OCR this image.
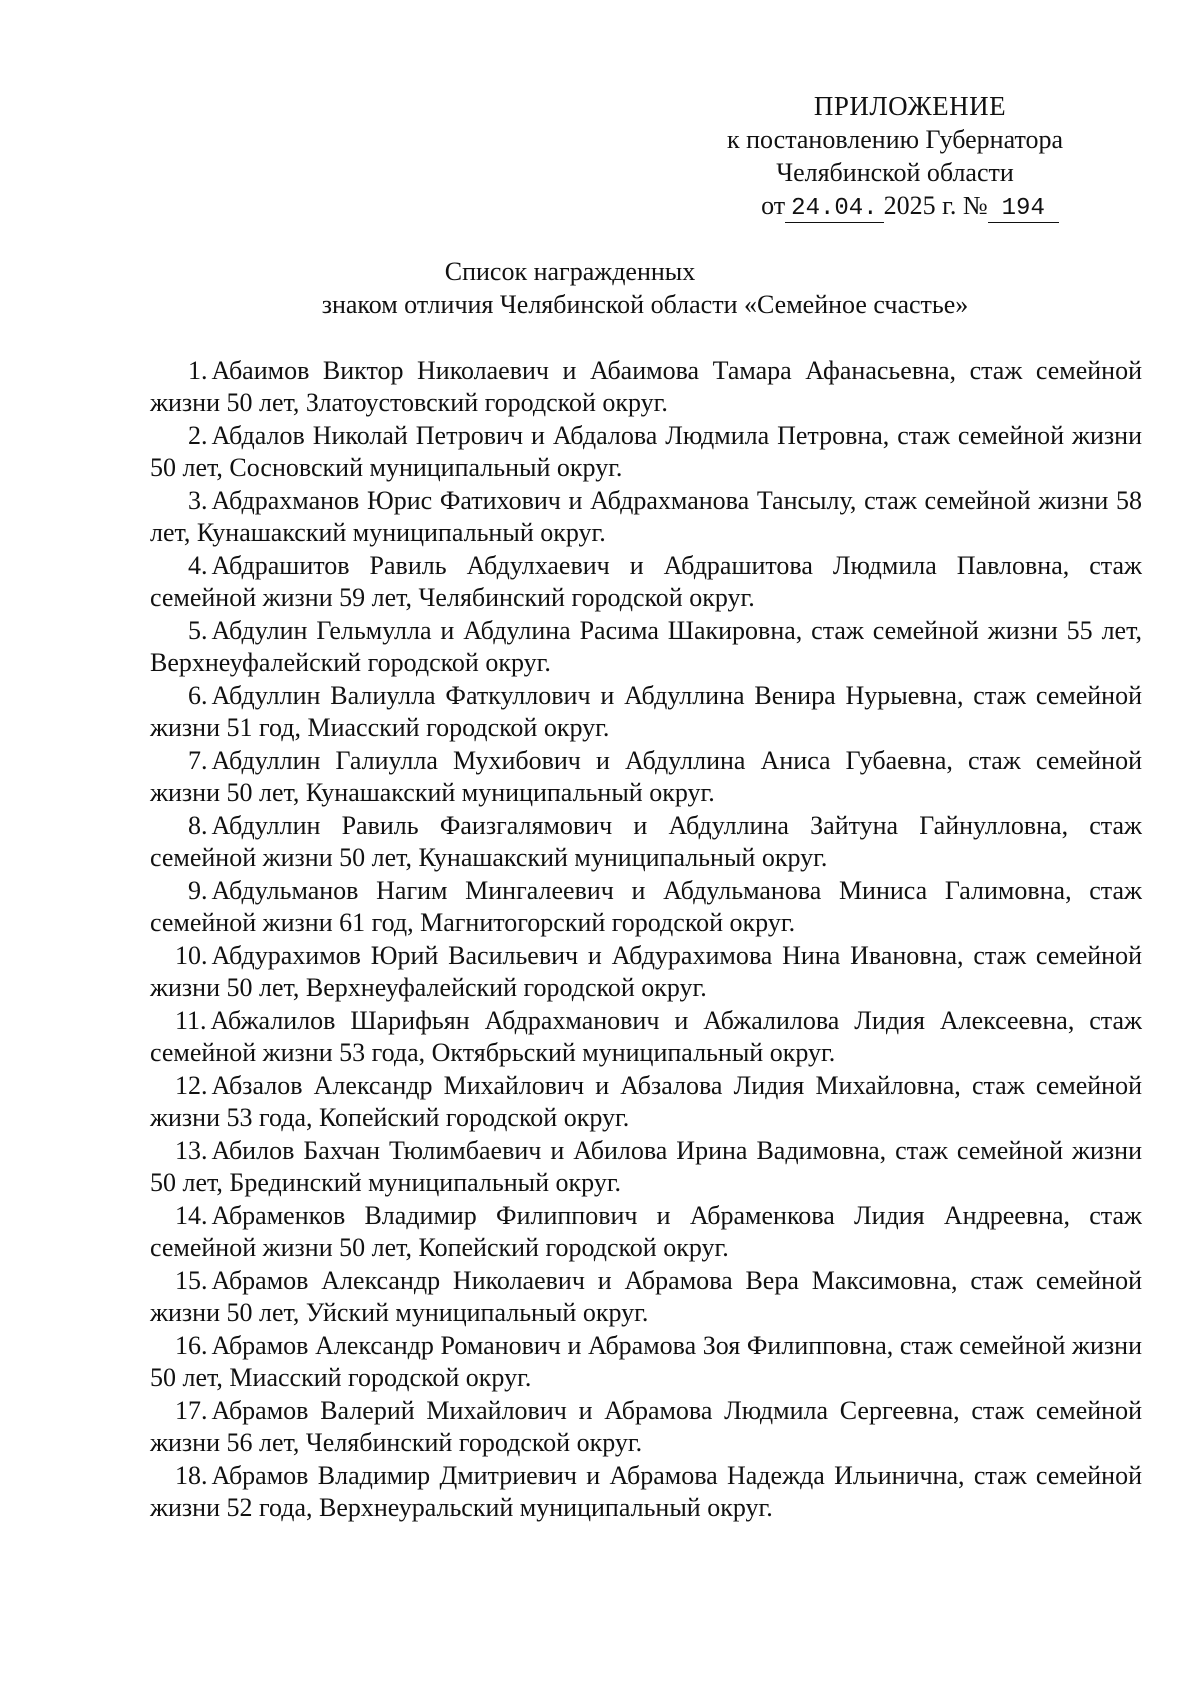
ПРИЛОЖЕНИЕ
к постановлению Губернатора
Челябинской области
от 24.04. 2025 г. № 194
Список награжденных
знаком отличия Челябинской области «Семейное счастье»
1. Абаимов Виктор Николаевич и Абаимова Тамара Афанасьевна, стаж семейной жизни 50 лет, Златоустовский городской округ.
2. Абдалов Николай Петрович и Абдалова Людмила Петровна, стаж семейной жизни 50 лет, Сосновский муниципальный округ.
3. Абдрахманов Юрис Фатихович и Абдрахманова Тансылу, стаж семейной жизни 58 лет, Кунашакский муниципальный округ.
4. Абдрашитов Равиль Абдулхаевич и Абдрашитова Людмила Павловна, стаж семейной жизни 59 лет, Челябинский городской округ.
5. Абдулин Гельмулла и Абдулина Расима Шакировна, стаж семейной жизни 55 лет, Верхнеуфалейский городской округ.
6. Абдуллин Валиулла Фаткуллович и Абдуллина Венира Нурыевна, стаж семейной жизни 51 год, Миасский городской округ.
7. Абдуллин Галиулла Мухибович и Абдуллина Аниса Губаевна, стаж семейной жизни 50 лет, Кунашакский муниципальный округ.
8. Абдуллин Равиль Фаизгалямович и Абдуллина Зайтуна Гайнулловна, стаж семейной жизни 50 лет, Кунашакский муниципальный округ.
9. Абдульманов Нагим Мингалеевич и Абдульманова Миниса Галимовна, стаж семейной жизни 61 год, Магнитогорский городской округ.
10. Абдурахимов Юрий Васильевич и Абдурахимова Нина Ивановна, стаж семейной жизни 50 лет, Верхнеуфалейский городской округ.
11. Абжалилов Шарифьян Абдрахманович и Абжалилова Лидия Алексеевна, стаж семейной жизни 53 года, Октябрьский муниципальный округ.
12. Абзалов Александр Михайлович и Абзалова Лидия Михайловна, стаж семейной жизни 53 года, Копейский городской округ.
13. Абилов Бахчан Тюлимбаевич и Абилова Ирина Вадимовна, стаж семейной жизни 50 лет, Брединский муниципальный округ.
14. Абраменков Владимир Филиппович и Абраменкова Лидия Андреевна, стаж семейной жизни 50 лет, Копейский городской округ.
15. Абрамов Александр Николаевич и Абрамова Вера Максимовна, стаж семейной жизни 50 лет, Уйский муниципальный округ.
16. Абрамов Александр Романович и Абрамова Зоя Филипповна, стаж семейной жизни 50 лет, Миасский городской округ.
17. Абрамов Валерий Михайлович и Абрамова Людмила Сергеевна, стаж семейной жизни 56 лет, Челябинский городской округ.
18. Абрамов Владимир Дмитриевич и Абрамова Надежда Ильинична, стаж семейной жизни 52 года, Верхнеуральский муниципальный округ.
